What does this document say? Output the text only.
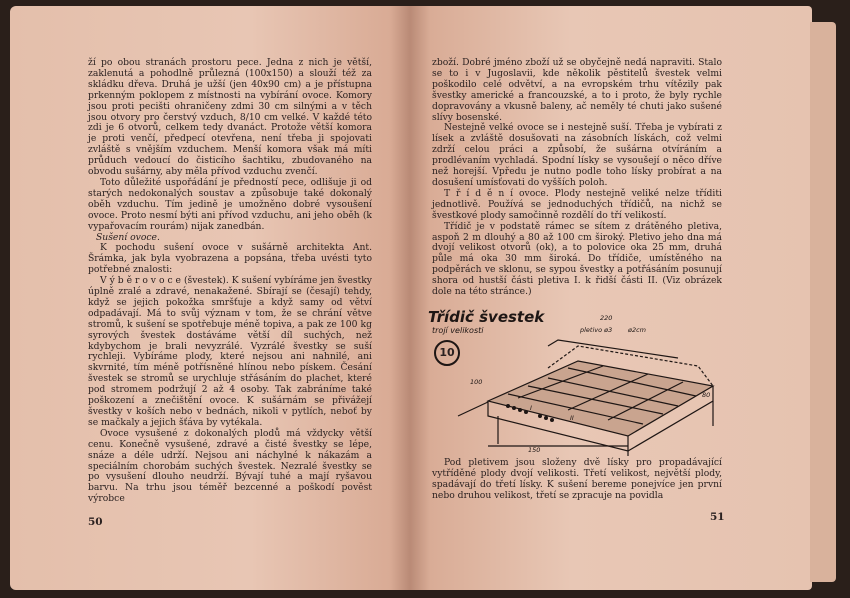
ží po obou stranách prostoru pece. Jedna z nich je větší, zaklenutá a pohodlně průlezná (100x150) a slouží též za skládku dřeva. Druhá je užší (jen 40x90 cm) a je přístupna prkenným poklopem z místnosti na vybírání ovoce. Komory jsou proti pecišti ohraničeny zdmi 30 cm silnými a v těch jsou otvory pro čerstvý vzduch, 8/10 cm velké. V každé této zdi je 6 otvorů, celkem tedy dvanáct. Protože větší komora je proti venčí, předpecí otevřena, není třeba ji spojovati zvláště s vnějším vzduchem. Menší komora však má míti průduch vedoucí do čisticího šachtiku, zbudovaného na obvodu sušárny, aby měla přívod vzduchu zvenčí.

Toto důležité uspořádání je předností pece, odlišuje ji od starých nedokonalých soustav a způsobuje také dokonalý oběh vzduchu. Tím jedině je umožněno dobré vysoušení ovoce. Proto nesmí býti ani přívod vzduchu, ani jeho oběh (k vypařovacím rourám) nijak zanedbán.

Sušení ovoce.

K pochodu sušení ovoce v sušárně architekta Ant. Šrámka, jak byla vyobrazena a popsána, třeba uvésti tyto potřebné znalosti:

V ý b ě r o v o c e (švestek). K sušení vybíráme jen švestky úplně zralé a zdravé, nenakažené. Sbírají se (česají) tehdy, když se jejich pokožka smršťuje a když samy od větví odpadávají. Má to svůj význam v tom, že se chrání větve stromů, k sušení se spotřebuje méně topiva, a pak ze 100 kg syrových švestek dostáváme větší díl suchých, než kdybychom je brali nevyzrálé. Vyzrálé švestky se suší rychleji. Vybíráme plody, které nejsou ani nahnilé, ani skvrnité, tím méně potřísněné hlínou nebo pískem. Česání švestek se stromů se urychluje střásáním do plachet, které pod stromem podržují 2 až 4 osoby. Tak zabráníme také poškození a znečištění ovoce. K sušárnám se přivážejí švestky v koších nebo v bednách, nikoli v pytlích, neboť by se mačkaly a jejich šťáva by vytékala.

Ovoce vysušené z dokonalých plodů má vždycky větší cenu. Konečně vysušené, zdravé a čisté švestky se lépe, snáze a déle udrží. Nejsou ani náchylné k nákazám a speciálním chorobám suchých švestek. Nezralé švestky se po vysušení dlouho neudrží. Bývají tuhé a mají ryšavou barvu. Na trhu jsou téměř bezcenné a poškodí pověst výrobce

50

zboží. Dobré jméno zboží už se obyčejně nedá napraviti. Stalo se to i v Jugoslavii, kde několik pěstitelů švestek velmi poškodilo celé odvětví, a na evropském trhu vítězily pak švestky americké a francouzské, a to i proto, že byly rychle dopravovány a vkusně baleny, ač neměly té chuti jako sušené slívy bosenské.

Nestejně velké ovoce se i nestejně suší. Třeba je vybírati z lísek a zvláště dosušovati na zásobních lískách, což velmi zdrží celou práci a způsobí, že sušárna otvíráním a prodlévaním vychladá. Spodní lísky se vysoušejí o něco dříve než horejší. Vpředu je nutno podle toho lísky probírat a na dosušení umísťovati do vyšších poloh.

T ř í d ě n í ovoce. Plody nestejně veliké nelze tříditi jednotlivě. Používá se jednoduchých třídičů, na nichž se švestkové plody samočinně rozdělí do tří velikostí.

Třídič je v podstatě rámec se sítem z drátěného pletiva, aspoň 2 m dlouhý a 80 až 100 cm široký. Pletivo jeho dna má dvojí velikost otvorů (ok), a to polovice oka 25 mm, druhá půle má oka 30 mm široká. Do třídiče, umístěného na podpěrách ve sklonu, se sypou švestky a potřásáním posunují shora od hustší části pletiva I. k řidší části II. (Viz obrázek dole na této stránce.)

Třídič švestek
trojí velikosti
10
220
pletivo ø3 ø2cm
100
150
80
I
II

Pod pletivem jsou složeny dvě lísky pro propadávající vytříděné plody dvojí velikosti. Třetí velikost, největší plody, spadávají do třetí lísky. K sušení bereme ponejvíce jen první nebo druhou velikost, třetí se zpracuje na povidla

51
